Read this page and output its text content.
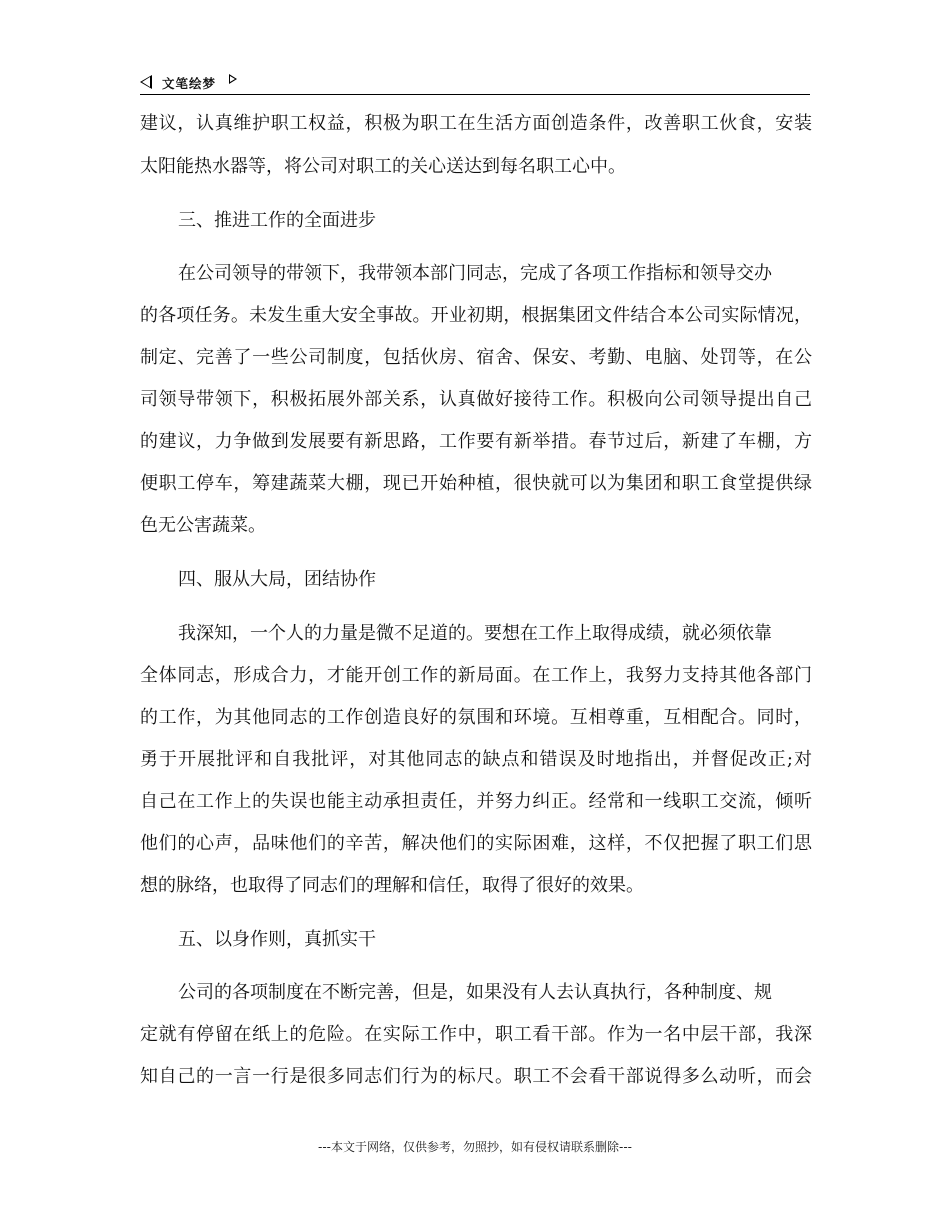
文笔绘梦
建议，认真维护职工权益，积极为职工在生活方面创造条件，改善职工伙食，安装
太阳能热水器等，将公司对职工的关心送达到每名职工心中。
三、推进工作的全面进步
在公司领导的带领下，我带领本部门同志，完成了各项工作指标和领导交办
的各项任务。未发生重大安全事故。开业初期，根据集团文件结合本公司实际情况，
制定、完善了一些公司制度，包括伙房、宿舍、保安、考勤、电脑、处罚等，在公
司领导带领下，积极拓展外部关系，认真做好接待工作。积极向公司领导提出自己
的建议，力争做到发展要有新思路，工作要有新举措。春节过后，新建了车棚，方
便职工停车，筹建蔬菜大棚，现已开始种植，很快就可以为集团和职工食堂提供绿
色无公害蔬菜。
四、服从大局，团结协作
我深知，一个人的力量是微不足道的。要想在工作上取得成绩，就必须依靠
全体同志，形成合力，才能开创工作的新局面。在工作上，我努力支持其他各部门
的工作，为其他同志的工作创造良好的氛围和环境。互相尊重，互相配合。同时，
勇于开展批评和自我批评，对其他同志的缺点和错误及时地指出，并督促改正;对
自己在工作上的失误也能主动承担责任，并努力纠正。经常和一线职工交流，倾听
他们的心声，品味他们的辛苦，解决他们的实际困难，这样，不仅把握了职工们思
想的脉络，也取得了同志们的理解和信任，取得了很好的效果。
五、以身作则，真抓实干
公司的各项制度在不断完善，但是，如果没有人去认真执行，各种制度、规
定就有停留在纸上的危险。在实际工作中，职工看干部。作为一名中层干部，我深
知自己的一言一行是很多同志们行为的标尺。职工不会看干部说得多么动听，而会
---本文于网络，仅供参考，勿照抄，如有侵权请联系删除---
